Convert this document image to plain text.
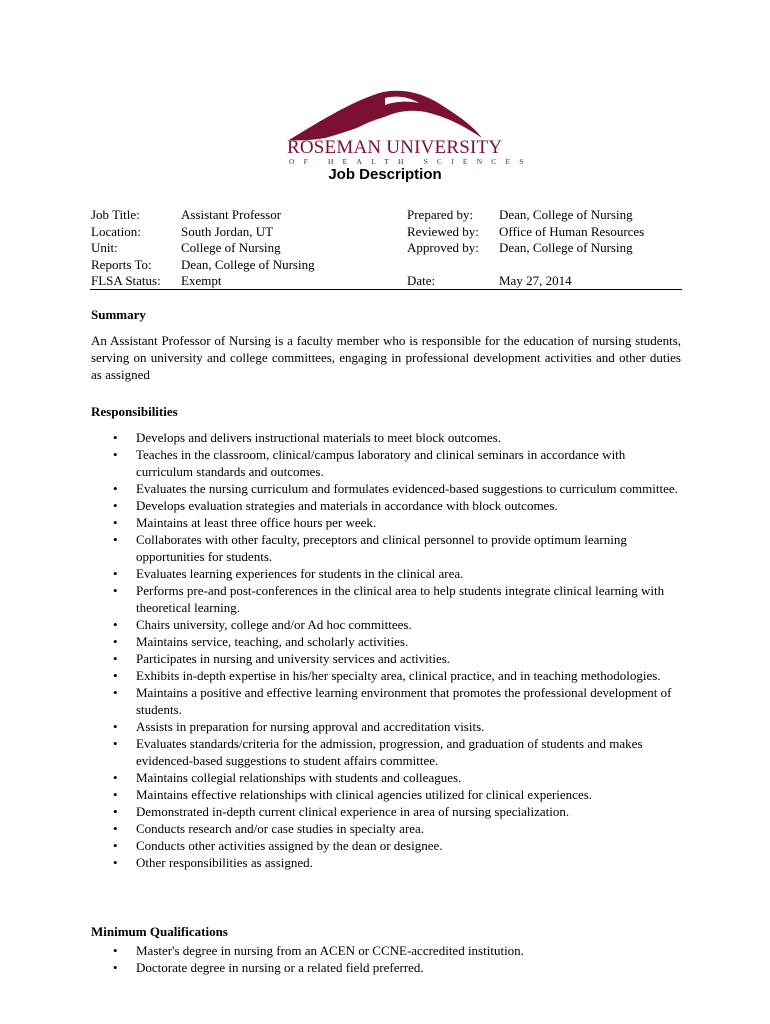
ROSEMAN UNIVERSITY
OF HEALTH SCIENCES
Job Description
Job Title:
Location:
Unit:
Reports To:
FLSA Status:
Assistant Professor
South Jordan, UT
College of Nursing
Dean, College of Nursing
Exempt
Prepared by:
Reviewed by:
Approved by:

Date:
Dean, College of Nursing
Office of Human Resources
Dean, College of Nursing

May 27, 2014
Summary
An Assistant Professor of Nursing is a faculty member who is responsible for the education of nursing students, serving on university and college committees, engaging in professional development activities and other duties as assigned
Responsibilities
• Develops and delivers instructional materials to meet block outcomes.
• Teaches in the classroom, clinical/campus laboratory and clinical seminars in accordance with curriculum standards and outcomes.
• Evaluates the nursing curriculum and formulates evidenced-based suggestions to curriculum committee.
• Develops evaluation strategies and materials in accordance with block outcomes.
• Maintains at least three office hours per week.
• Collaborates with other faculty, preceptors and clinical personnel to provide optimum learning opportunities for students.
• Evaluates learning experiences for students in the clinical area.
• Performs pre-and post-conferences in the clinical area to help students integrate clinical learning with theoretical learning.
• Chairs university, college and/or Ad hoc committees.
• Maintains service, teaching, and scholarly activities.
• Participates in nursing and university services and activities.
• Exhibits in-depth expertise in his/her specialty area, clinical practice, and in teaching methodologies.
• Maintains a positive and effective learning environment that promotes the professional development of students.
• Assists in preparation for nursing approval and accreditation visits.
• Evaluates standards/criteria for the admission, progression, and graduation of students and makes evidenced-based suggestions to student affairs committee.
• Maintains collegial relationships with students and colleagues.
• Maintains effective relationships with clinical agencies utilized for clinical experiences.
• Demonstrated in-depth current clinical experience in area of nursing specialization.
• Conducts research and/or case studies in specialty area.
• Conducts other activities assigned by the dean or designee.
• Other responsibilities as assigned.
Minimum Qualifications
• Master's degree in nursing from an ACEN or CCNE-accredited institution.
• Doctorate degree in nursing or a related field preferred.
